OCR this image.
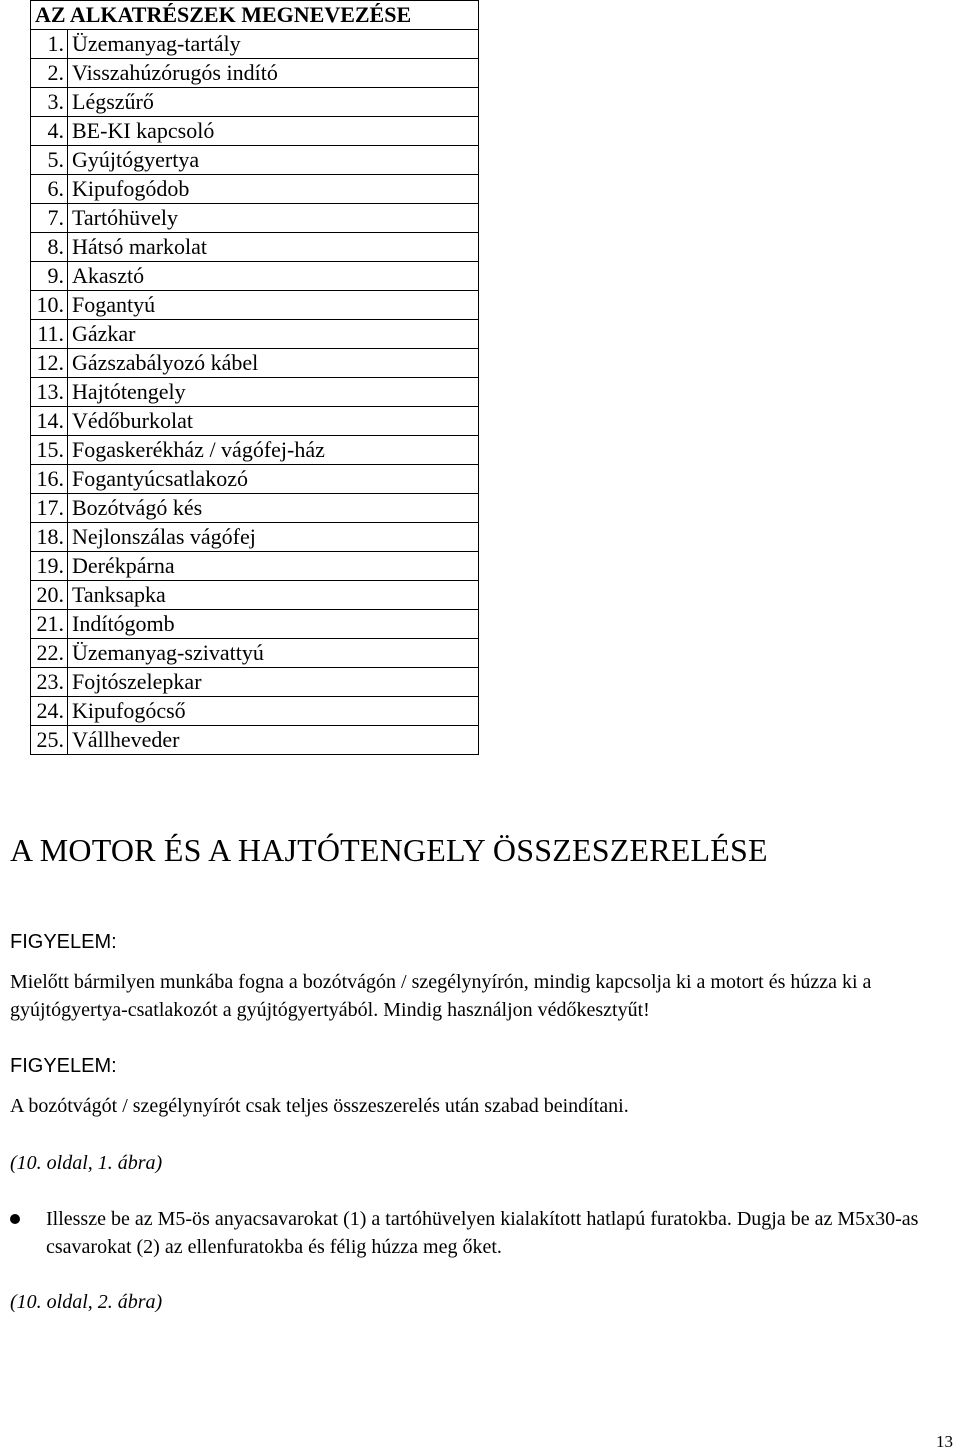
AZ ALKATRÉSZEK MEGNEVEZÉSE	
1.	Üzemanyag-tartály
2.	Visszahúzórugós indító
3.	Légszűrő
4.	BE-KI kapcsoló
5.	Gyújtógyertya
6.	Kipufogódob
7.	Tartóhüvely
8.	Hátsó markolat
9.	Akasztó
10.	Fogantyú
11.	Gázkar
12.	Gázszabályozó kábel
13.	Hajtótengely
14.	Védőburkolat
15.	Fogaskerékház / vágófej-ház
16.	Fogantyúcsatlakozó
17.	Bozótvágó kés
18.	Nejlonszálas vágófej
19.	Derékpárna
20.	Tanksapka
21.	Indítógomb
22.	Üzemanyag-szivattyú
23.	Fojtószelepkar
24.	Kipufogócső
25.	Vállheveder
A MOTOR ÉS A HAJTÓTENGELY ÖSSZESZERELÉSE

FIGYELEM:

Mielőtt bármilyen munkába fogna a bozótvágón / szegélynyírón, mindig kapcsolja ki a motort és húzza ki a gyújtógyertya-csatlakozót a gyújtógyertyából. Mindig használjon védőkesztyűt!

FIGYELEM:

A bozótvágót / szegélynyírót csak teljes összeszerelés után szabad beindítani.

(10. oldal, 1. ábra)

Illessze be az M5-ös anyacsavarokat (1) a tartóhüvelyen kialakított hatlapú furatokba. Dugja be az M5x30-as csavarokat (2) az ellenfuratokba és félig húzza meg őket.

(10. oldal, 2. ábra)

13
